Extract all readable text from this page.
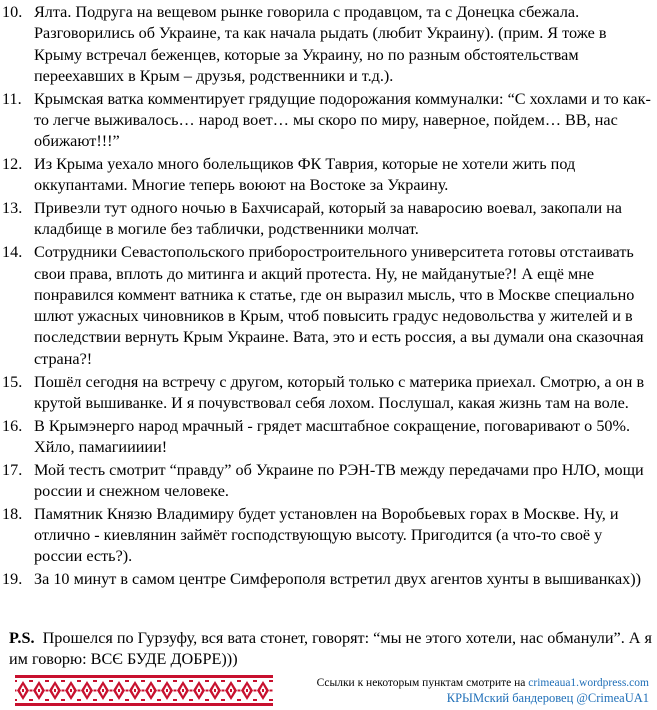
10. Ялта. Подруга на вещевом рынке говорила с продавцом, та с Донецка сбежала. Разговорились об Украине, та как начала рыдать (любит Украину). (прим. Я тоже в Крыму встречал беженцев, которые за Украину, но по разным обстоятельствам переехавших в Крым – друзья, родственники и т.д.).
11. Крымская ватка комментирует грядущие подорожания коммуналки: “С хохлами и то как-то легче выживалось… народ воет… мы скоро по миру, наверное, пойдем… ВВ, нас обижают!!!”
12. Из Крыма уехало много болельщиков ФК Таврия, которые не хотели жить под оккупантами. Многие теперь воюют на Востоке за Украину.
13. Привезли тут одного ночью в Бахчисарай, который за наваросию воевал, закопали на кладбище в могиле без таблички, родственники молчат.
14. Сотрудники Севастопольского приборостроительного университета готовы отстаивать свои права, вплоть до митинга и акций протеста. Ну, не майданутые?! А ещё мне понравился коммент ватника к статье, где он выразил мысль, что в Москве специально шлют ужасных чиновников в Крым, чтоб повысить градус недовольства у жителей и в последствии вернуть Крым Украине. Вата, это и есть россия, а вы думали она сказочная страна?!
15. Пошёл сегодня на встречу с другом, который только с материка приехал. Смотрю, а он в крутой вышиванке. И я почувствовал себя лохом. Послушал, какая жизнь там на воле.
16. В Крымэнерго народ мрачный - грядет масштабное сокращение, поговаривают о 50%. Хйло, памагиииии!
17. Мой тесть смотрит “правду” об Украине по РЭН-ТВ между передачами про НЛО, мощи россии и снежном человеке.
18. Памятник Князю Владимиру будет установлен на Воробьевых горах в Москве. Ну, и отлично - киевлянин займёт господствующую высоту. Пригодится (а что-то своё у россии есть?).
19. За 10 минут в самом центре Симферополя встретил двух агентов хунты в вышиванках))
P.S. Прошелся по Гурзуфу, вся вата стонет, говорят: “мы не этого хотели, нас обманули”. А я им говорю: ВСЄ БУДЕ ДОБРЕ)))
Ссылки к некоторым пунктам смотрите на crimeaua1.wordpress.com
КРЫМский бандеровец @CrimeaUA1
